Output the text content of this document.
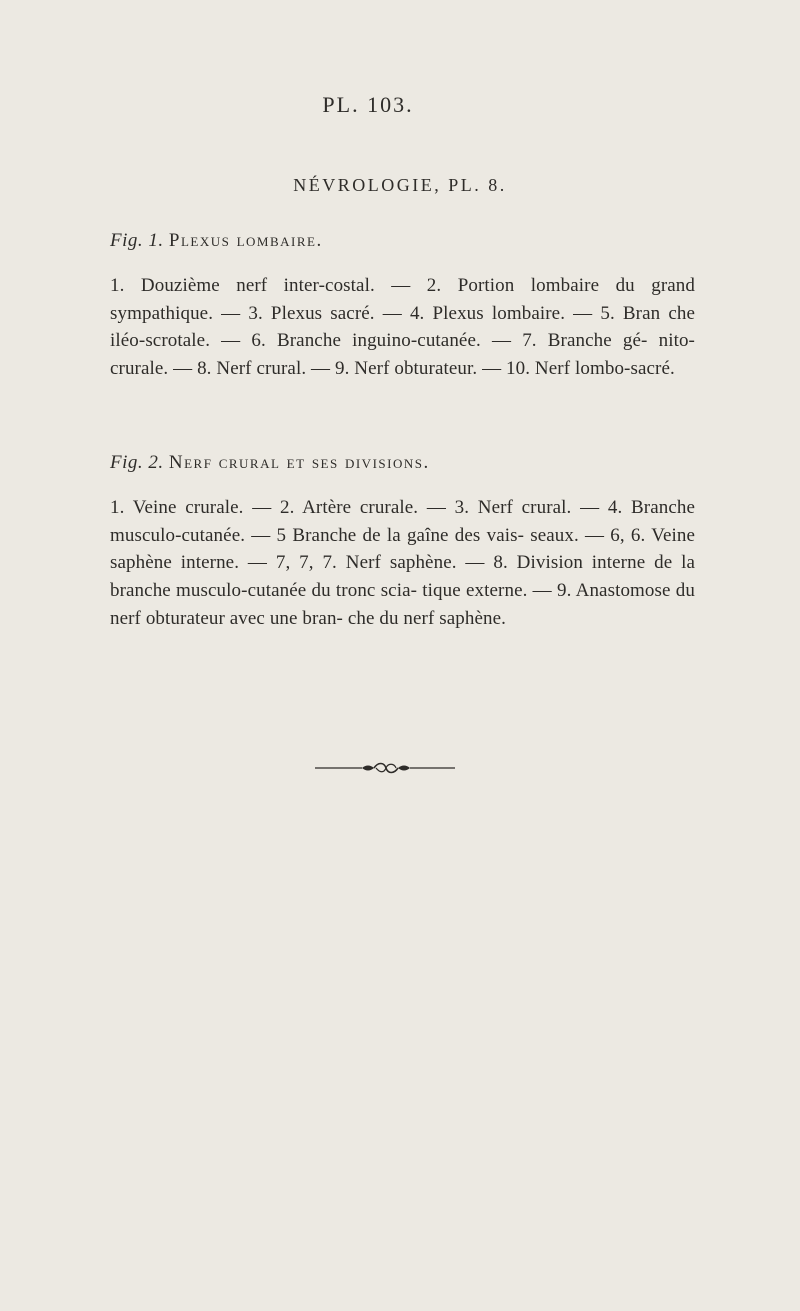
PL. 103.
NÉVROLOGIE, PL. 8.
Fig. 1. Plexus lombaire.
1. Douzième nerf inter-costal. — 2. Portion lombaire du grand sympathique. — 3. Plexus sacré. — 4. Plexus lombaire. — 5. Bran che iléo-scrotale. — 6. Branche inguino-cutanée. — 7. Branche gé- nito-crurale. — 8. Nerf crural. — 9. Nerf obturateur. — 10. Nerf lombo-sacré.
Fig. 2. Nerf crural et ses divisions.
1. Veine crurale. — 2. Artère crurale. — 3. Nerf crural. — 4. Branche musculo-cutanée. — 5 Branche de la gaîne des vais- seaux. — 6, 6. Veine saphène interne. — 7, 7, 7. Nerf saphène. — 8. Division interne de la branche musculo-cutanée du tronc scia- tique externe. — 9. Anastomose du nerf obturateur avec une bran- che du nerf saphène.
